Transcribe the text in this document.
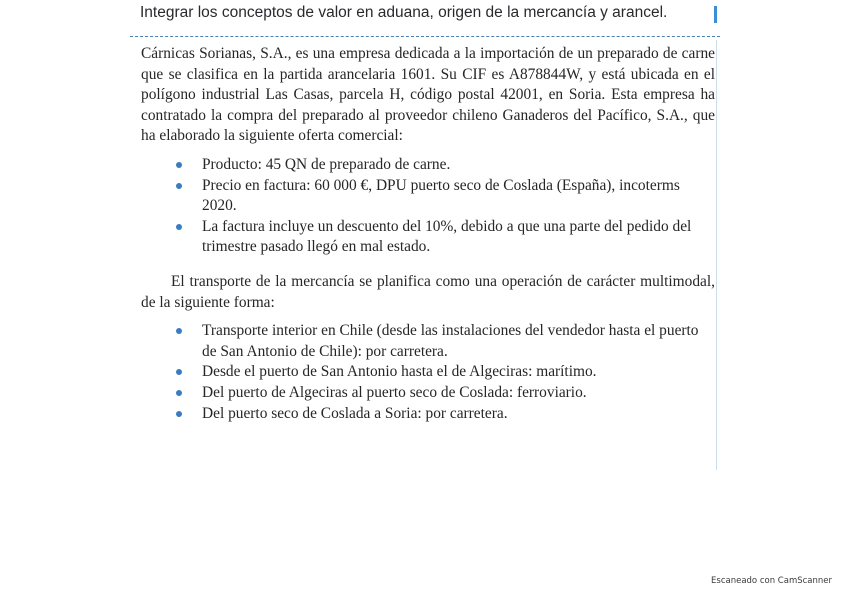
Integrar los conceptos de valor en aduana, origen de la mercancía y arancel.

Cárnicas Sorianas, S.A., es una empresa dedicada a la importación de un preparado de carne que se clasifica en la partida arancelaria 1601. Su CIF es A878844W, y está ubicada en el polígono industrial Las Casas, parcela H, código postal 42001, en Soria. Esta empresa ha contratado la compra del preparado al proveedor chileno Ganaderos del Pacífico, S.A., que ha elaborado la siguiente oferta comercial:

Producto: 45 QN de preparado de carne.
Precio en factura: 60 000 €, DPU puerto seco de Coslada (España), incoterms 2020.
La factura incluye un descuento del 10%, debido a que una parte del pedido del trimestre pasado llegó en mal estado.

El transporte de la mercancía se planifica como una operación de carácter multimodal, de la siguiente forma:

Transporte interior en Chile (desde las instalaciones del vendedor hasta el puerto de San Antonio de Chile): por carretera.
Desde el puerto de San Antonio hasta el de Algeciras: marítimo.
Del puerto de Algeciras al puerto seco de Coslada: ferroviario.
Del puerto seco de Coslada a Soria: por carretera.
Escaneado con CamScanner
